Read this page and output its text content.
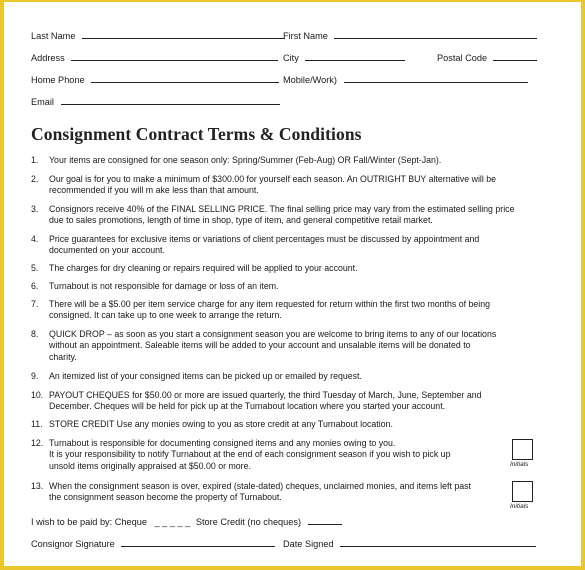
Last Name	First Name
Address	City	Postal Code
Home Phone	Mobile/Work)
Email
Consignment Contract Terms & Conditions
1.	Your items are consigned for one season only: Spring/Summer (Feb-Aug) OR Fall/Winter (Sept-Jan).
2.	Our goal is for you to make a minimum of $300.00 for yourself each season. An OUTRIGHT BUY alternative will be
recommended if you will m ake less than that amount.
3.	Consignors receive 40% of the FINAL SELLING PRICE. The final selling price may vary from the estimated selling price
due to sales promotions, length of time in shop, type of item, and general competitive retail market.
4.	Price guarantees for exclusive items or variations of client percentages must be discussed by appointment and
documented on your account.
5.	The charges for dry cleaning or repairs required will be applied to your account.
6.	Turnabout is not responsible for damage or loss of an item.
7.	There will be a $5.00 per item service charge for any item requested for return within the first two months of being
consigned. It can take up to one week to arrange the return.
8.	QUICK DROP – as soon as you start a consignment season you are welcome to bring items to any of our locations
without an appointment. Saleable items will be added to your account and unsalable items will be donated to
charity.
9.	An itemized list of your consigned items can be picked up or emailed by request.
10. PAYOUT CHEQUES for $50.00 or more are issued quarterly, the third Tuesday of March, June, September and
December. Cheques will be held for pick up at the Turnabout location where you started your account.
11. STORE CREDIT Use any monies owing to you as store credit at any Turnabout location.
12. Turnabout is responsible for documenting consigned items and any monies owing to you.
It is your responsibility to notify Turnabout at the end of each consignment season if you wish to pick up
unsold items originally appraised at $50.00 or more.
13. When the consignment season is over, expired (stale-dated) cheques, unclaimed monies, and items left past
the consignment season become the property of Turnabout.
Initials
Initials
I wish to be paid by: Cheque _ _ _ _ _ Store Credit (no cheques)
Consignor Signature	Date Signed
